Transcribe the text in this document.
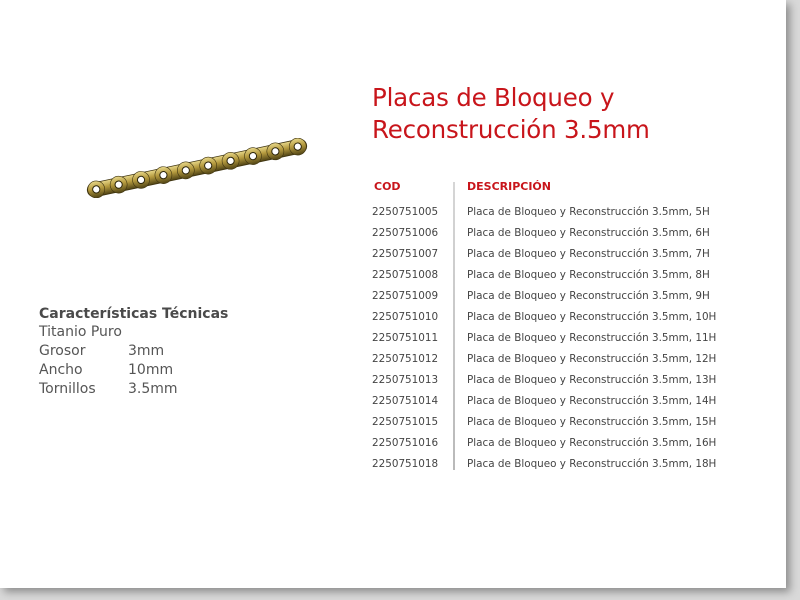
Placas de Bloqueo y
Reconstrucción 3.5mm
COD	DESCRIPCIÓN
2250751005	Placa de Bloqueo y Reconstrucción 3.5mm, 5H
2250751006	Placa de Bloqueo y Reconstrucción 3.5mm, 6H
2250751007	Placa de Bloqueo y Reconstrucción 3.5mm, 7H
2250751008	Placa de Bloqueo y Reconstrucción 3.5mm, 8H
2250751009	Placa de Bloqueo y Reconstrucción 3.5mm, 9H
2250751010	Placa de Bloqueo y Reconstrucción 3.5mm, 10H
2250751011	Placa de Bloqueo y Reconstrucción 3.5mm, 11H
2250751012	Placa de Bloqueo y Reconstrucción 3.5mm, 12H
2250751013	Placa de Bloqueo y Reconstrucción 3.5mm, 13H
2250751014	Placa de Bloqueo y Reconstrucción 3.5mm, 14H
2250751015	Placa de Bloqueo y Reconstrucción 3.5mm, 15H
2250751016	Placa de Bloqueo y Reconstrucción 3.5mm, 16H
2250751018	Placa de Bloqueo y Reconstrucción 3.5mm, 18H
Características Técnicas
Titanio Puro
Grosor	3mm
Ancho	10mm
Tornillos 3.5mm
